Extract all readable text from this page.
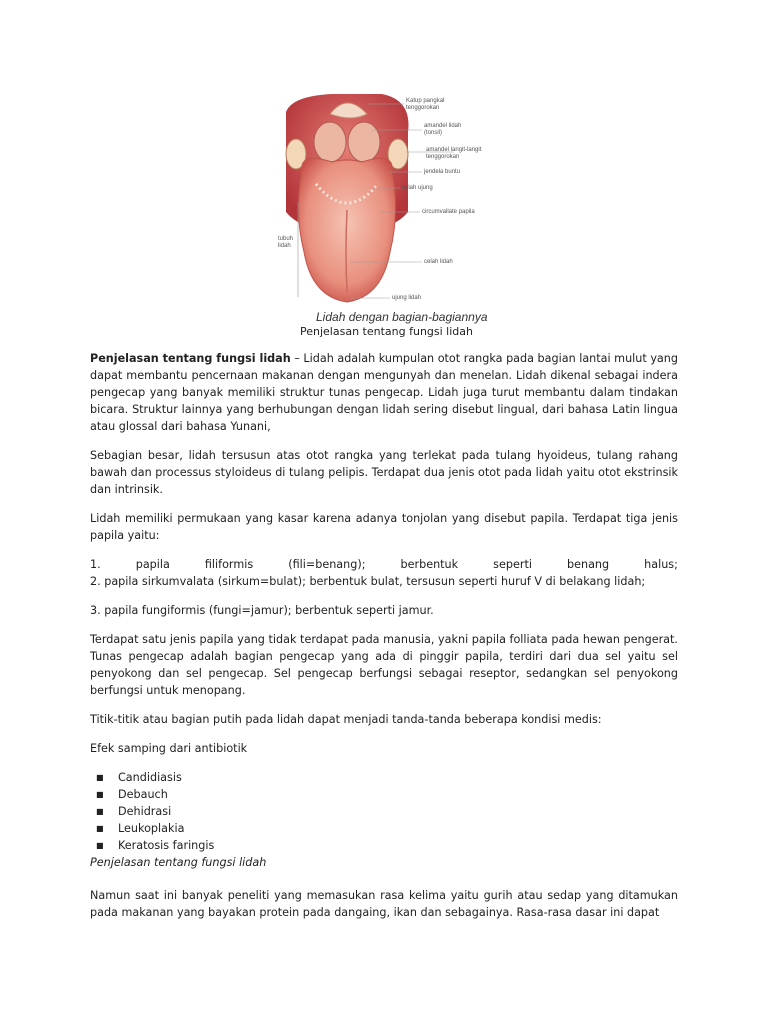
Katup pangkal tenggorokan
amandel lidah (tonsil)
amandel langit-langit tenggorokan
jendela buntu
celah ujung
circumvallate papila
tubuh lidah
celah lidah
ujung lidah
Lidah dengan bagian-bagiannya
Penjelasan tentang fungsi lidah

Penjelasan tentang fungsi lidah – Lidah adalah kumpulan otot rangka pada bagian lantai mulut yang dapat membantu pencernaan makanan dengan mengunyah dan menelan. Lidah dikenal sebagai indera pengecap yang banyak memiliki struktur tunas pengecap. Lidah juga turut membantu dalam tindakan bicara. Struktur lainnya yang berhubungan dengan lidah sering disebut lingual, dari bahasa Latin lingua atau glossal dari bahasa Yunani,

Sebagian besar, lidah tersusun atas otot rangka yang terlekat pada tulang hyoideus, tulang rahang bawah dan processus styloideus di tulang pelipis. Terdapat dua jenis otot pada lidah yaitu otot ekstrinsik dan intrinsik.

Lidah memiliki permukaan yang kasar karena adanya tonjolan yang disebut papila. Terdapat tiga jenis papila yaitu:

1.	papila	filiformis	(fili=benang);	berbentuk	seperti	benang	halus;
2. papila sirkumvalata (sirkum=bulat); berbentuk bulat, tersusun seperti huruf V di belakang lidah;

3. papila fungiformis (fungi=jamur); berbentuk seperti jamur.

Terdapat satu jenis papila yang tidak terdapat pada manusia, yakni papila folliata pada hewan pengerat. Tunas pengecap adalah bagian pengecap yang ada di pinggir papila, terdiri dari dua sel yaitu sel penyokong dan sel pengecap. Sel pengecap berfungsi sebagai reseptor, sedangkan sel penyokong berfungsi untuk menopang.

Titik-titik atau bagian putih pada lidah dapat menjadi tanda-tanda beberapa kondisi medis:

Efek samping dari antibiotik

■ Candidiasis
■ Debauch
■ Dehidrasi
■ Leukoplakia
■ Keratosis faringis
Penjelasan tentang fungsi lidah

Namun saat ini banyak peneliti yang memasukan rasa kelima yaitu gurih atau sedap yang ditamukan pada makanan yang bayakan protein pada dangaing, ikan dan sebagainya. Rasa-rasa dasar ini dapat
